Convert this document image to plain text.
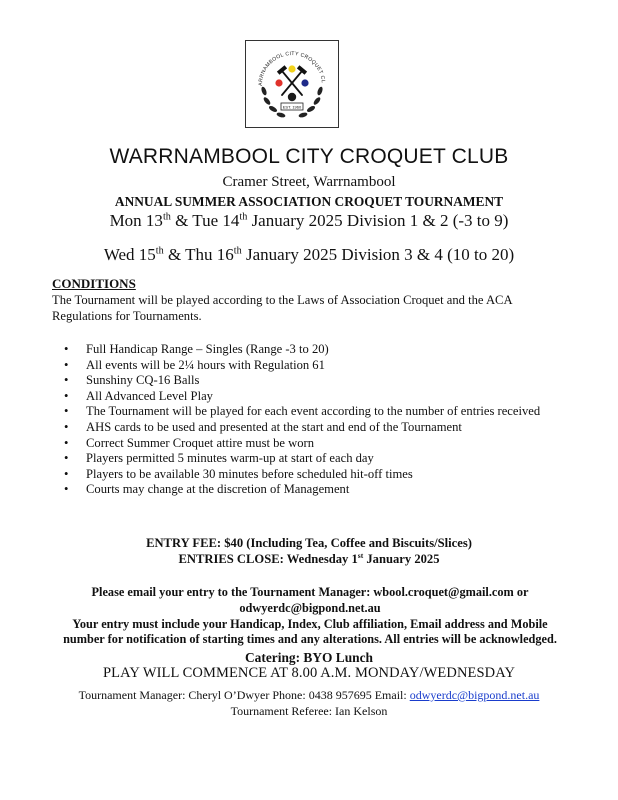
ARRNAMBOOL CITY CROQUET CL
EST. 1960
WARRNAMBOOL CITY CROQUET CLUB
Cramer Street, Warrnambool
ANNUAL SUMMER ASSOCIATION CROQUET TOURNAMENT
Mon 13th & Tue 14th January 2025 Division 1 & 2 (-3 to 9)
Wed 15th & Thu 16th January 2025 Division 3 & 4 (10 to 20)
CONDITIONS
The Tournament will be played according to the Laws of Association Croquet and the ACA Regulations for Tournaments.
• Full Handicap Range – Singles (Range -3 to 20)
• All events will be 2¼ hours with Regulation 61
• Sunshiny CQ-16 Balls
• All Advanced Level Play
• The Tournament will be played for each event according to the number of entries received
• AHS cards to be used and presented at the start and end of the Tournament
• Correct Summer Croquet attire must be worn
• Players permitted 5 minutes warm-up at start of each day
• Players to be available 30 minutes before scheduled hit-off times
• Courts may change at the discretion of Management
ENTRY FEE: $40 (Including Tea, Coffee and Biscuits/Slices)
ENTRIES CLOSE: Wednesday 1st January 2025
Please email your entry to the Tournament Manager: wbool.croquet@gmail.com or odwyerdc@bigpond.net.au
Your entry must include your Handicap, Index, Club affiliation, Email address and Mobile number for notification of starting times and any alterations. All entries will be acknowledged.
Catering: BYO Lunch
PLAY WILL COMMENCE AT 8.00 A.M. MONDAY/WEDNESDAY
Tournament Manager: Cheryl O’Dwyer Phone: 0438 957695 Email: odwyerdc@bigpond.net.au
Tournament Referee: Ian Kelson
